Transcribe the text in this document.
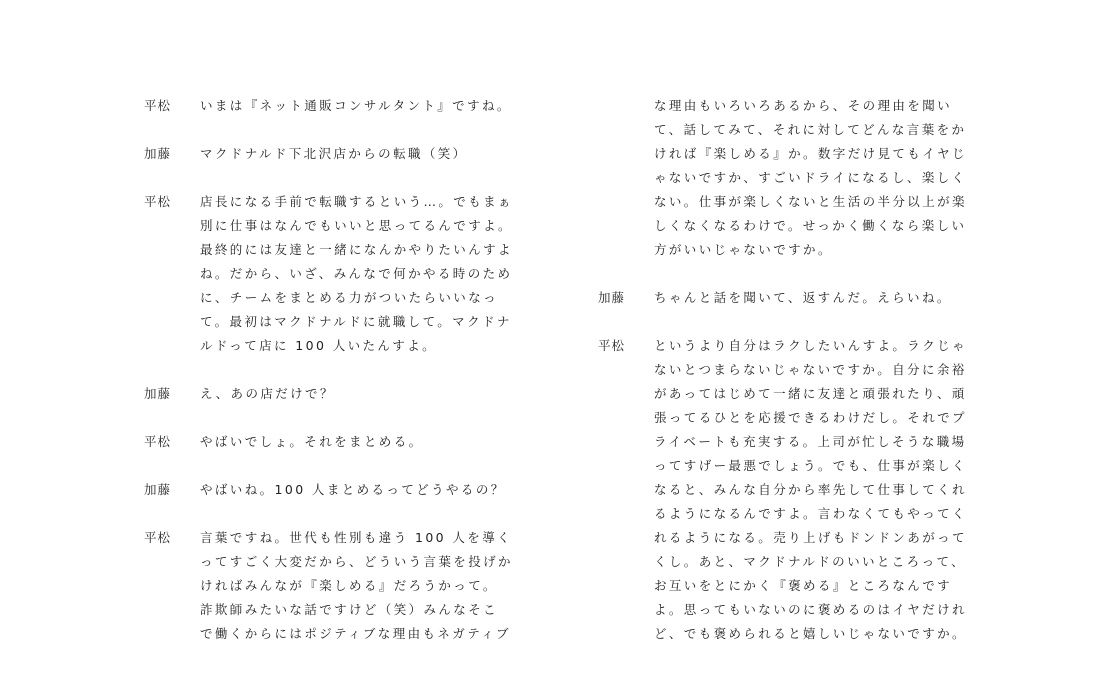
平松	いまは『ネット通販コンサルタント』ですね。
加藤	マクドナルド下北沢店からの転職（笑）
平松	店長になる手前で転職するという…。でもまぁ
別に仕事はなんでもいいと思ってるんですよ。
最終的には友達と一緒になんかやりたいんすよ
ね。だから、いざ、みんなで何かやる時のため
に、チームをまとめる力がついたらいいなっ
て。最初はマクドナルドに就職して。マクドナ
ルドって店に 100 人いたんすよ。
加藤	え、あの店だけで？
平松	やばいでしょ。それをまとめる。
加藤	やばいね。100 人まとめるってどうやるの？
平松	言葉ですね。世代も性別も違う 100 人を導く
ってすごく大変だから、どういう言葉を投げか
ければみんなが『楽しめる』だろうかって。
詐欺師みたいな話ですけど（笑）みんなそこ
で働くからにはポジティブな理由もネガティブ
な理由もいろいろあるから、その理由を聞い
て、話してみて、それに対してどんな言葉をか
ければ『楽しめる』か。数字だけ見てもイヤじ
ゃないですか、すごいドライになるし、楽しく
ない。仕事が楽しくないと生活の半分以上が楽
しくなくなるわけで。せっかく働くなら楽しい
方がいいじゃないですか。
加藤	ちゃんと話を聞いて、返すんだ。えらいね。
平松	というより自分はラクしたいんすよ。ラクじゃ
ないとつまらないじゃないですか。自分に余裕
があってはじめて一緒に友達と頑張れたり、頑
張ってるひとを応援できるわけだし。それでプ
ライベートも充実する。上司が忙しそうな職場
ってすげー最悪でしょう。でも、仕事が楽しく
なると、みんな自分から率先して仕事してくれ
るようになるんですよ。言わなくてもやってく
れるようになる。売り上げもドンドンあがって
くし。あと、マクドナルドのいいところって、
お互いをとにかく『褒める』ところなんです
よ。思ってもいないのに褒めるのはイヤだけれ
ど、でも褒められると嬉しいじゃないですか。
